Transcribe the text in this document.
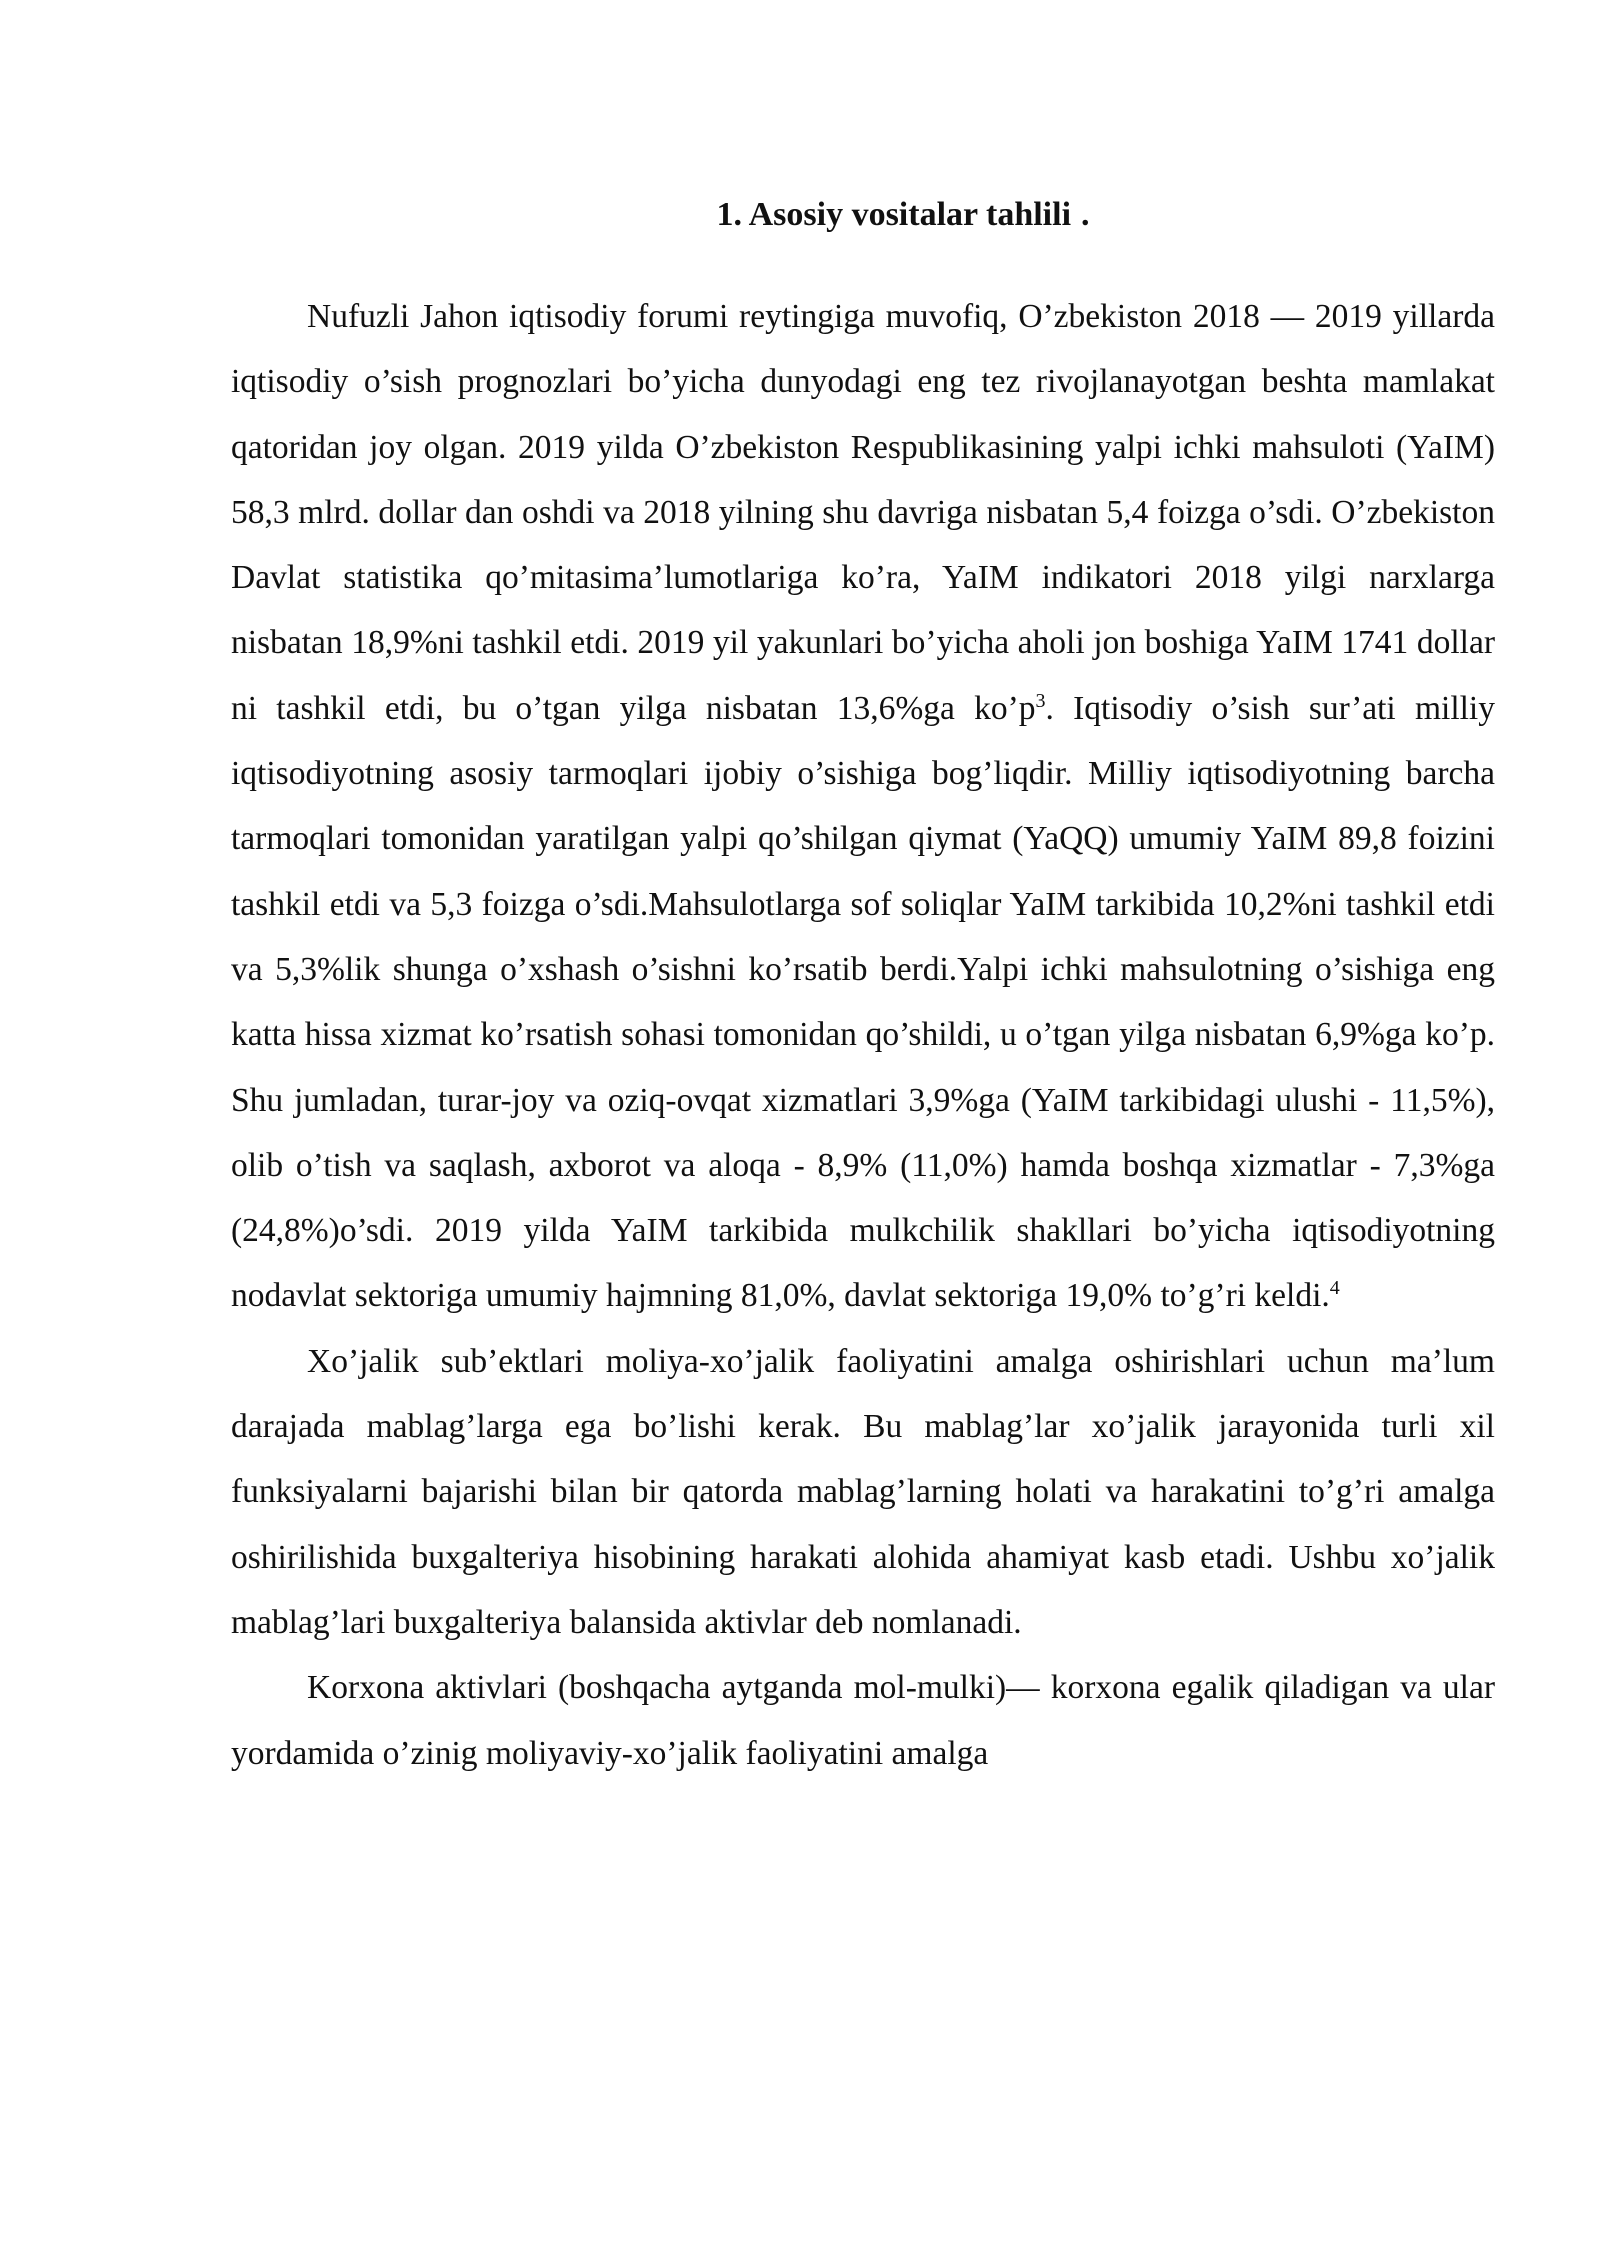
1. Asosiy vositalar tahlili .

Nufuzli Jahon iqtisodiy forumi reytingiga muvofiq, O’zbekiston 2018 — 2019 yillarda iqtisodiy o’sish prognozlari bo’yicha dunyodagi eng tez rivojlanayotgan beshta mamlakat qatoridan joy olgan. 2019 yilda O’zbekiston Respublikasining yalpi ichki mahsuloti (YaIM) 58,3 mlrd. dollar dan oshdi va 2018 yilning shu davriga nisbatan 5,4 foizga o’sdi. O’zbekiston Davlat statistika qo’mitasima’lumotlariga ko’ra, YaIM indikatori 2018 yilgi narxlarga nisbatan 18,9%ni tashkil etdi. 2019 yil yakunlari bo’yicha aholi jon boshiga YaIM 1741 dollar ni tashkil etdi, bu o’tgan yilga nisbatan 13,6%ga $ko’p^3$. Iqtisodiy o’sish sur’ati milliy iqtisodiyotning asosiy tarmoqlari ijobiy o’sishiga bog’liqdir. Milliy iqtisodiyotning barcha tarmoqlari tomonidan yaratilgan yalpi qo’shilgan qiymat (YaQQ) umumiy YaIM 89,8 foizini tashkil etdi va 5,3 foizga o’sdi.Mahsulotlarga sof soliqlar YaIM tarkibida 10,2%ni tashkil etdi va 5,3%lik shunga o’xshash o’sishni ko’rsatib berdi.Yalpi ichki mahsulotning o’sishiga eng katta hissa xizmat ko’rsatish sohasi tomonidan qo’shildi, u o’tgan yilga nisbatan 6,9%ga ko’p. Shu jumladan, turar-joy va oziq-ovqat xizmatlari 3,9%ga (YaIM tarkibidagi ulushi - 11,5%), olib o’tish va saqlash, axborot va aloqa - 8,9% (11,0%) hamda boshqa xizmatlar - 7,3%ga (24,8%)o’sdi. 2019 yilda YaIM tarkibida mulkchilik shakllari bo’yicha iqtisodiyotning nodavlat sektoriga umumiy hajmning 81,0%, davlat sektoriga 19,0% to’g’ri keldi.$^4$

Xo’jalik sub’ektlari moliya-xo’jalik faoliyatini amalga oshirishlari uchun ma’lum darajada mablag’larga ega bo’lishi kerak. Bu mablag’lar xo’jalik jarayonida turli xil funksiyalarni bajarishi bilan bir qatorda mablag’larning holati va harakatini to’g’ri amalga oshirilishida buxgalteriya hisobining harakati alohida ahamiyat kasb etadi. Ushbu xo’jalik mablag’lari buxgalteriya balansida aktivlar deb nomlanadi.

Korxona aktivlari (boshqacha aytganda mol-mulki)— korxona egalik qiladigan va ular yordamida o’zinig moliyaviy-xo’jalik faoliyatini amalga
